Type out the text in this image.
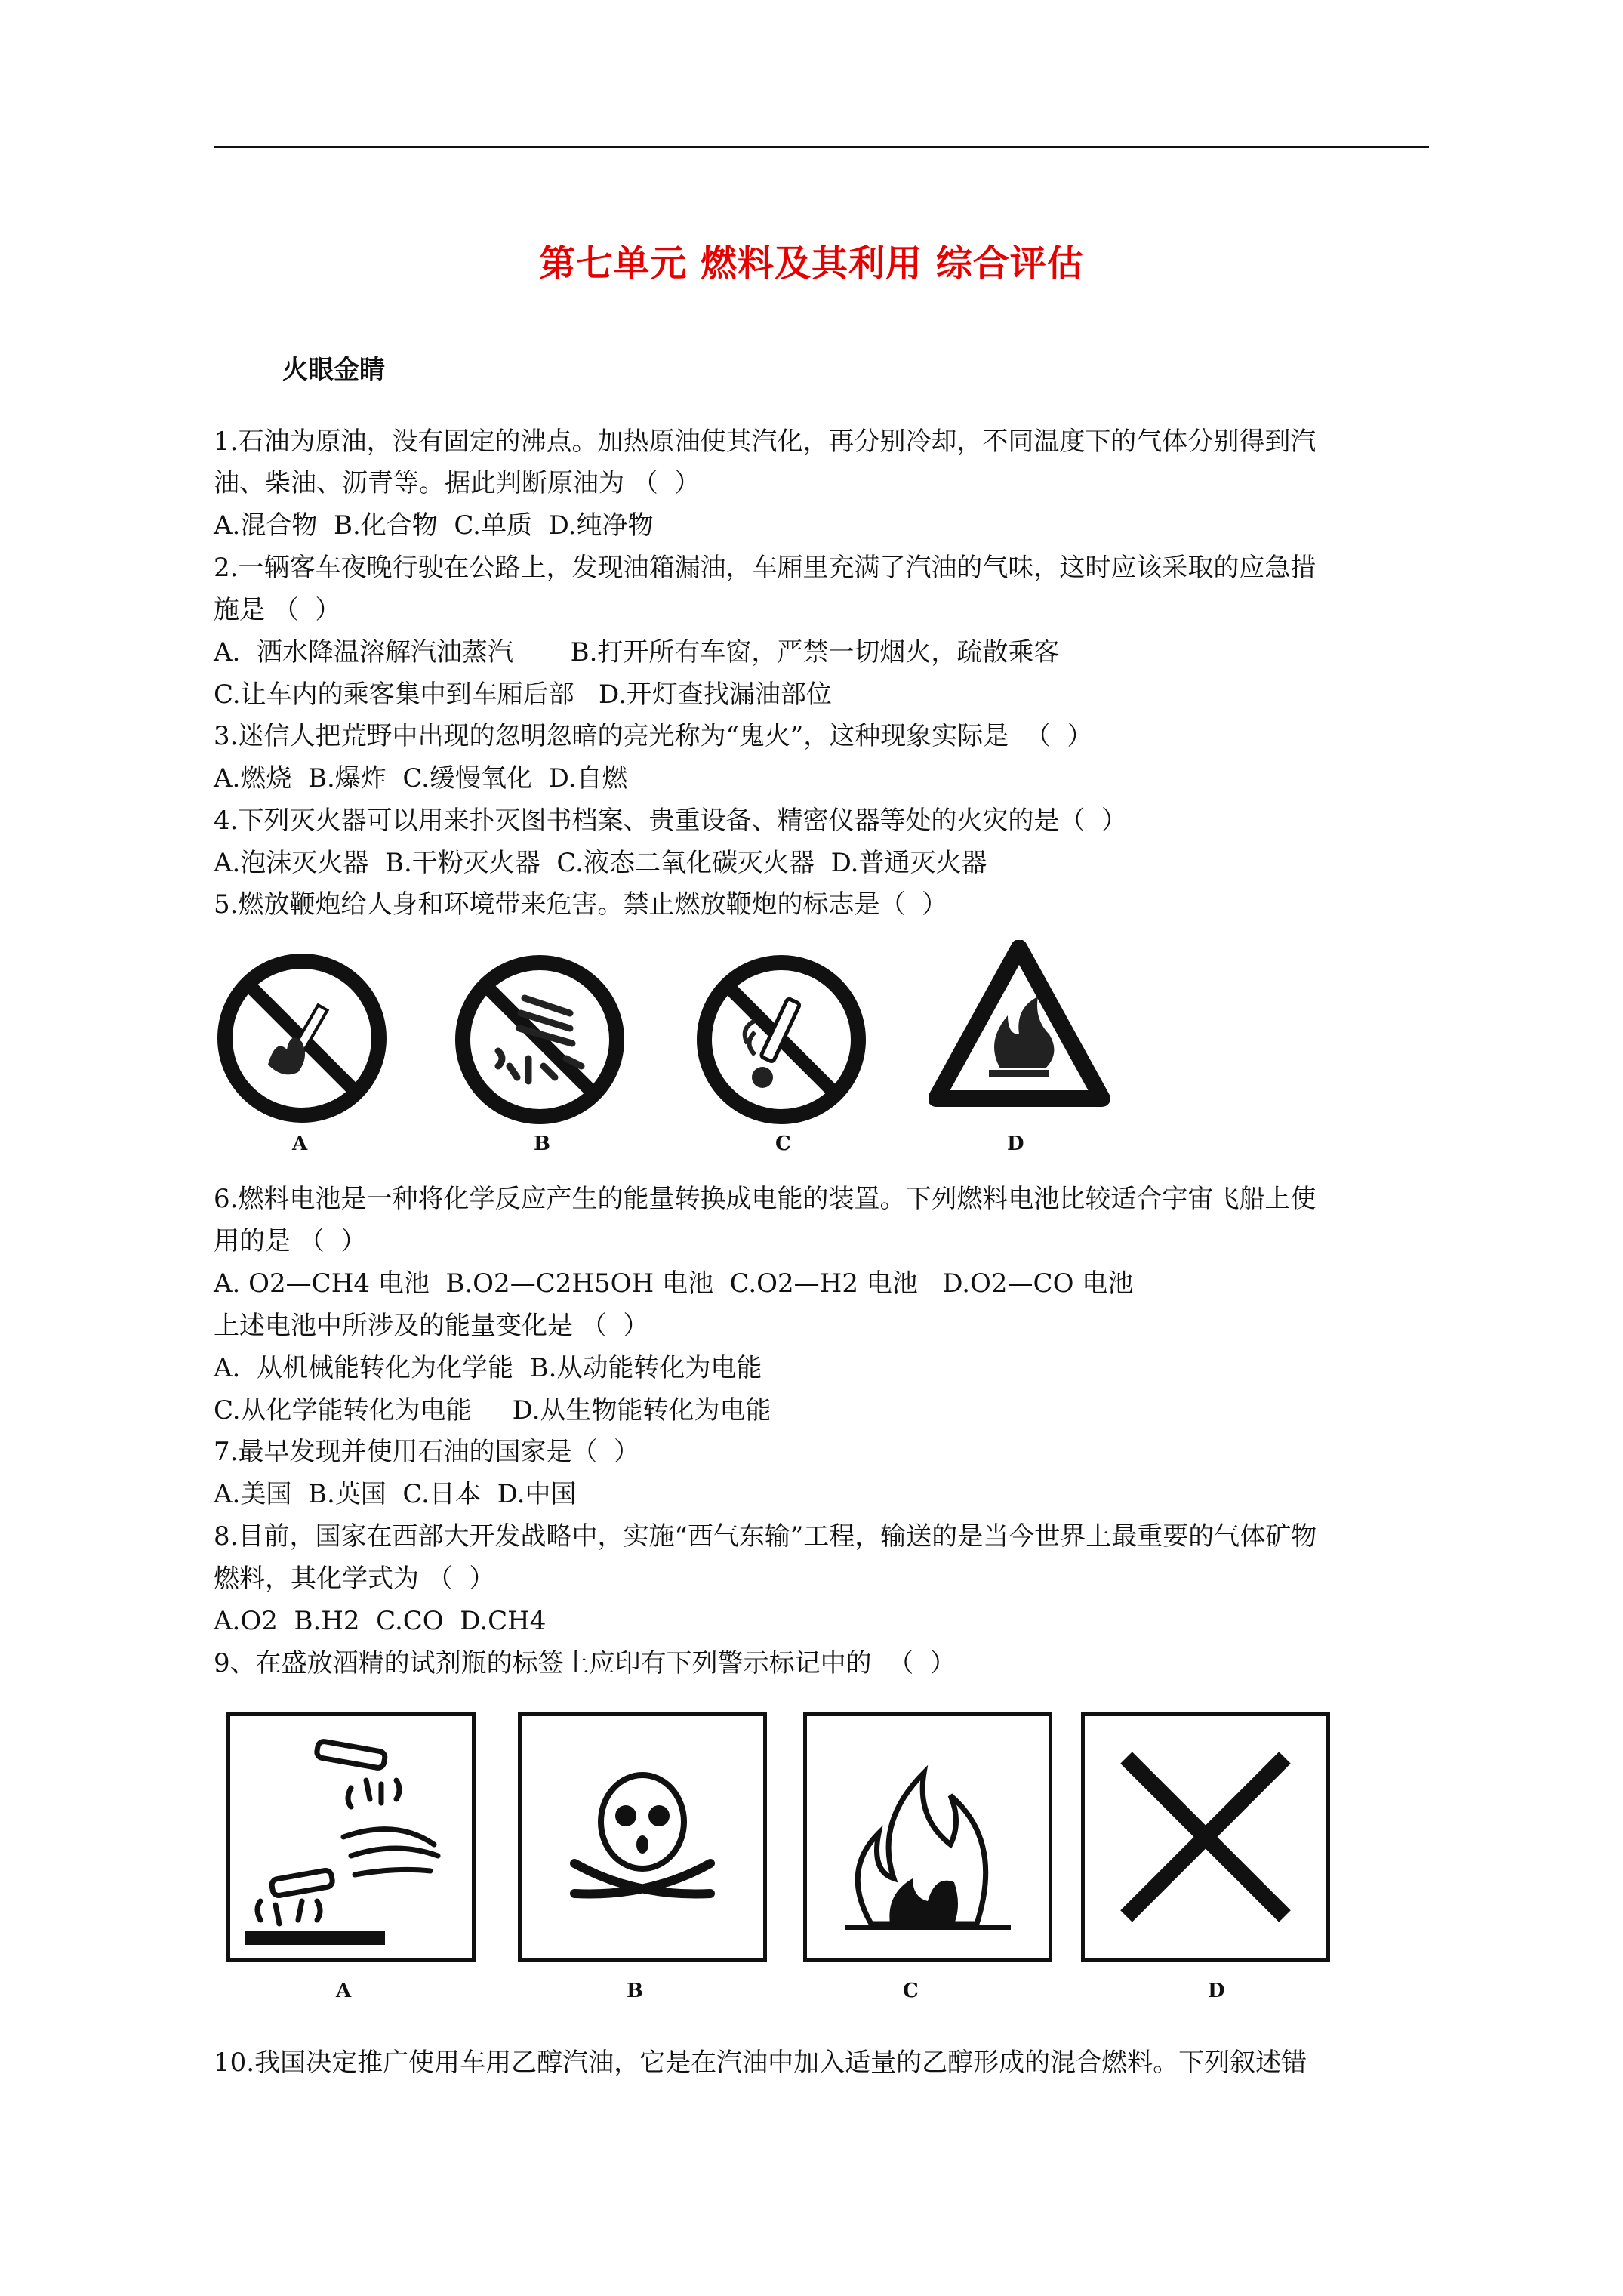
第七单元 燃料及其利用 综合评估
火眼金睛
1.石油为原油，没有固定的沸点。加热原油使其汽化，再分别冷却，不同温度下的气体分别得到汽
油、柴油、沥青等。据此判断原油为 （  ）
A.混合物  B.化合物  C.单质  D.纯净物
2.一辆客车夜晚行驶在公路上，发现油箱漏油，车厢里充满了汽油的气味，这时应该采取的应急措
施是 （  ）
A.  洒水降温溶解汽油蒸汽       B.打开所有车窗，严禁一切烟火，疏散乘客
C.让车内的乘客集中到车厢后部   D.开灯查找漏油部位
3.迷信人把荒野中出现的忽明忽暗的亮光称为“鬼火”，这种现象实际是  （  ）
A.燃烧  B.爆炸  C.缓慢氧化  D.自燃
4.下列灭火器可以用来扑灭图书档案、贵重设备、精密仪器等处的火灾的是（  ）
A.泡沫灭火器  B.干粉灭火器  C.液态二氧化碳灭火器  D.普通灭火器
5.燃放鞭炮给人身和环境带来危害。禁止燃放鞭炮的标志是（  ）
A	B	C	D
6.燃料电池是一种将化学反应产生的能量转换成电能的装置。下列燃料电池比较适合宇宙飞船上使
用的是 （  ）
A. O2—CH4 电池  B.O2—C2H5OH 电池  C.O2—H2 电池   D.O2—CO 电池
上述电池中所涉及的能量变化是 （  ）
A.  从机械能转化为化学能  B.从动能转化为电能
C.从化学能转化为电能     D.从生物能转化为电能
7.最早发现并使用石油的国家是（  ）
A.美国  B.英国  C.日本  D.中国
8.目前，国家在西部大开发战略中，实施“西气东输”工程，输送的是当今世界上最重要的气体矿物
燃料，其化学式为 （  ）
A.O2  B.H2  C.CO  D.CH4
9、在盛放酒精的试剂瓶的标签上应印有下列警示标记中的  （  ）
A	B	C	D
10.我国决定推广使用车用乙醇汽油，它是在汽油中加入适量的乙醇形成的混合燃料。下列叙述错
